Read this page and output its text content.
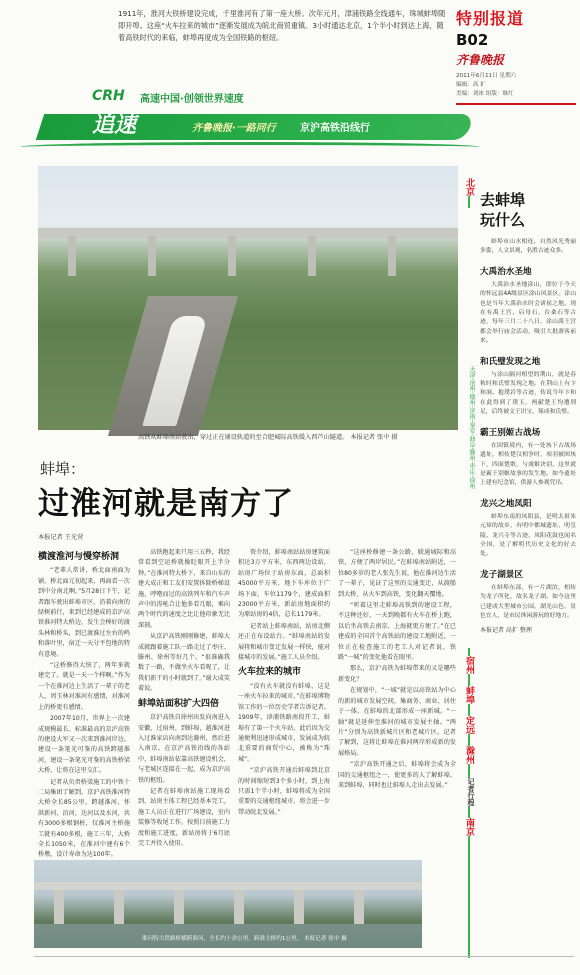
1911年，淮河大铁桥建设完成，千里淮河有了第一座大桥。次年元月，津浦铁路全线通车，珠城蚌埠随即开埠。这座“火车拉来的城市”逐渐发展成为皖北商贸重镇。3小时通达北京，1个半小时到达上海，随着高铁时代的来临，蚌埠再度成为全国铁路的枢纽。
特别报道
B02
齐鲁晚报
2011年6月11日 星期六
编辑：高 扩
美编：刘冰 组版：继红
CRH 高速中国·创领世界速度
追速	齐鲁晚报·一路同行 京沪高铁沿线行
高铁从蚌埠南站驶出，穿过正在铺设轨道的至合肥城际高铁缓入西芦山隧道。 本报记者 张中 摄
蚌埠：
过淮河就是南方了
本报记者 王光营
横渡淮河与慢穿桥洞

“老辈人常讲，桥北面南面为铺，桥北面元初起来，再面看一次到中分南北啊。”5月28日下午，记者跟车驶出蚌埠市区，沿着向南的绿树前行，来到已经建成的京沪高铁淮河特大桥边，发生会棒好的渡头林和桥头，到已渡淮过左右的鸣和落叶里，宿迁一天分平包地的特有意境。

“这桥修得大快了，两年多就建完了。就是一天一个样啊。”作为一个在淮河边上生活了一辈子的老人，周玉林对淮河有感情，对淮河上的桥更有感情。

2007年10月，世界上一次建成规模最长、标准最高的京沪高铁的建设大军又一次来到淮河岸边。建设一条笔光可鉴的高铁跨越淮河，建设一条笔光可鉴的高铁桥梁大桥，让将在这里交汇。

记者从负责桥梁施工的中铁十二局集团了解到，京沪高铁淮河特大桥全长85公里，跨越淮河、怀洪新河、泊河，达河以及水河，共有3000多根钢桩，仅淮河主桥施工就有400多根，施工三年，大桥全长1050米，在淮河中建有6个桥墩，设计寿命为达100年。

高铁跑起来只用三五秒，我经常看到空运桥就像眨眼开上半分钟。”在淮河特大桥下，来自山东的建大成正和工友们安置拆除桥梯设施，呼噜而过的高铁列车和汽车声声中的涛吼合让他多看几眼，乘向两个时代的速度之比让他印象无比深刻。

从京沪高铁刚刚修建，蚌埠大成就跟着施工队一路走过了枣庄、滕州、徐州等好几个。“很准确我数了一路，不做坐火车看呢了，让我们新干的小时就到了。”谢大成笑着说。

蚌埠站面积扩大四倍

京沪高铁自徐州出发向南进入安徽，过宿州，到蚌埠，越淮河进入过淮家店向南到达滁州，然后进入南京。在京沪高铁沿线的各站中，蚌埠南站依靠高铁建设机会，与老城区连接在一起，成为京沪高铁的枢纽。

记者在蚌埠南站施工现场看到，站房主体工程已经基本完工，施工人员正在进行广场建设，室内装修等收尾工作，按照目前施工力度和施工进度，新站房将于6月底完工并投入使用。

资介绍，蚌埠南站站房建筑面积达3万平方米，东西两边设站，站房广场位于站房东面，总面积45000平方米，地下车库位于广场下面，车位1179个，建成面积23000平方米，新站房地面积约为原站房的4倍，总长1179米。

记者站上蚌埠南站，站房北侧还正在布设站台。“蚌埠南站的发展将和城市变迁发展一样快，能对接城市的发展。”施工人员介绍。

火车拉来的城市

“没有火车就没有蚌埠，这是一座火车拉来的城市。”在蚌埠博物馆工作的一位历史学者告诉记者。1909年，津浦铁路南段开工，蚌埠有了第一个火车站，此后因为交通便利迅速形成城市，发展成为皖北重要的商贸中心，被称为“珠城”。

“京沪高铁开通后蚌埠到北京的时间缩短到3个多小时，到上海只需1个半小时，蚌埠将成为全国重要的交通枢纽城市，将会进一步带动皖北发展。”

“这座桥修建一条公路，联通城际和高铁，方便了两岸居民。”在蚌埠南站附近，一位80多岁的老人张先生说，他在淮河边生活了一辈子，见证了这里的交通变迁，从渡船到大桥，从火车到高铁，变化翻天覆地。

“听着这里走蚌埠高铁到的建设工程，不这种还好，一天到晚都有火车在桥上跑，以后坐高铁去南京、上海就更方便了。”在已建成的全国首个高铁站的建设工地附近，一位正在检查施工的老工人对记者说，铁路“一城”的变化他看在眼里。

那么，京沪高铁为蚌埠带来的又是哪些新变化？

在规划中，“一城”就是以高铁站为中心的新的城市发展空间，集商务、商业、居住于一体，在蚌埠的北部形成一座新城。“一轴”就是延伸至淮河的城市发展主轴。“两片”分别为高铁新城片区和老城片区。记者了解到，这将让蚌埠在淮河两岸形成新的发展格局。

“京沪高铁开通之后，蚌埠将会成为全国的交通枢纽之一，使更多的人了解蚌埠、来到蚌埠，同时也让蚌埠人走出去发展。”

淮河特大铁路桥横跨淮河，全长约十余公里，跨淮主桥约1公里。 本报记者 张中 摄
北京
天津·沧州·德州·济南·泰安·曲阜·滕州·枣庄·徐州
宿州
蚌埠
定远
滁州
记者行程
南京
去蚌埠
玩什么
蚌埠市山水相连，自然风光秀丽多姿，人文景观，名胜古迹众多。
大禹治水圣地
大禹治水圣地涂山，即位于今天的怀远县4A级景区涂山风景区。涂山也是当年大禹治水时会诸侯之地，现在有禹王宫、启母石、台桑石等古迹，每年三月二十八日，涂山禹王宫都会举行庙会活动，吸引大批游客前来。
和氏璧发现之地
与涂山隔河相望的荆山，就是春秋时和氏璧发现之地。在荆山上有卞和洞、抱璞岩等古迹，传说当年卞和在此得到了璞玉，两献楚王均遭刖足，后终被文王识宝，琢成和氏璧。
霸王别姬古战场
在固镇境内，有一处垓下古战场遗址，相传楚汉相争时，项羽被困垓下，四面楚歌，与虞姬诀别，这里就是霸王别姬故事的发生地。如今遗址上建有纪念馆，供游人参观凭吊。
龙兴之地凤阳
蚌埠东南的凤阳县，是明太祖朱元璋的故乡，有明中都城遗址、明皇陵、龙兴寺等古迹，凤阳花鼓也闻名全国，是了解明代历史文化的好去处。
龙子湖景区
在蚌埠东部，有一片湖泊，相传为龙子所化，故名龙子湖。如今这里已建成大型城市公园，湖光山色，景色宜人，是市民休闲游玩的好地方。
本报记者 高扩 整理
